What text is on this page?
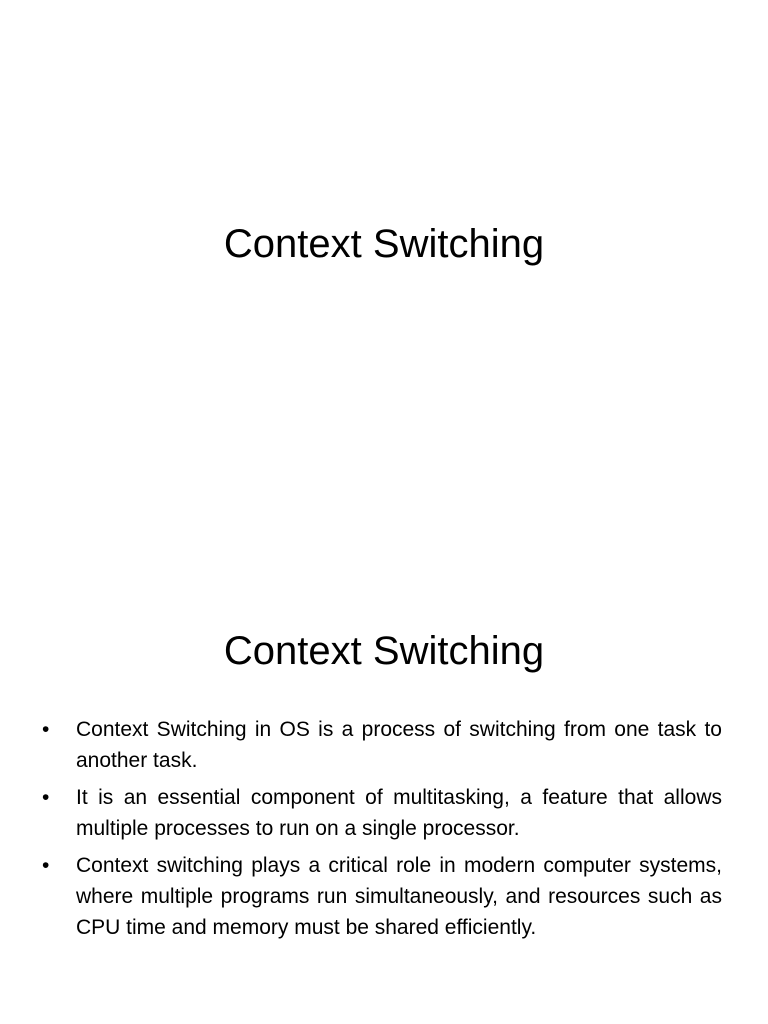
Context Switching
Context Switching
• Context Switching in OS is a process of switching from one task to another task.
• It is an essential component of multitasking, a feature that allows multiple processes to run on a single processor.
• Context switching plays a critical role in modern computer systems, where multiple programs run simultaneously, and resources such as CPU time and memory must be shared efficiently.
